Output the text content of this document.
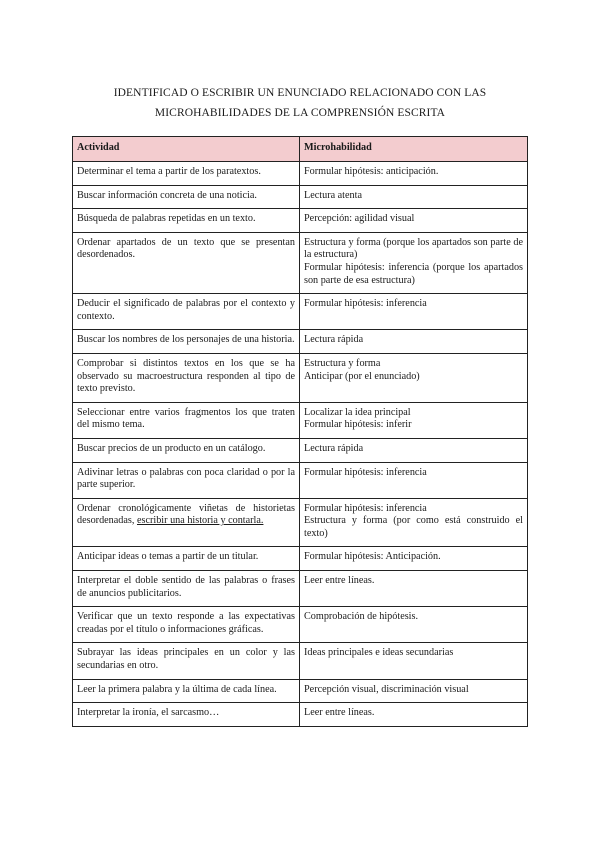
IDENTIFICAD O ESCRIBIR UN ENUNCIADO RELACIONADO CON LAS
MICROHABILIDADES DE LA COMPRENSIÓN ESCRITA
Actividad	Microhabilidad
Determinar el tema a partir de los paratextos.	Formular hipótesis: anticipación.

Buscar información concreta de una noticia.	Lectura atenta

Búsqueda de palabras repetidas en un texto.	Percepción: agilidad visual

Ordenar apartados de un texto que se presentan desordenados.	Estructura y forma (porque los apartados son parte de la estructura)
Formular hipótesis: inferencia (porque los apartados son parte de esa estructura)

Deducir el significado de palabras por el contexto y contexto.	Formular hipótesis: inferencia

Buscar los nombres de los personajes de una historia.	Lectura rápida

Comprobar si distintos textos en los que se ha observado su macroestructura responden al tipo de texto previsto.	Estructura y forma
Anticipar (por el enunciado)

Seleccionar entre varios fragmentos los que traten del mismo tema.	Localizar la idea principal
Formular hipótesis: inferir

Buscar precios de un producto en un catálogo.	Lectura rápida

Adivinar letras o palabras con poca claridad o por la parte superior.	Formular hipótesis: inferencia

Ordenar cronológicamente viñetas de historietas desordenadas, escribir una historia y contarla.	Formular hipótesis: inferencia
Estructura y forma (por como está construido el texto)

Anticipar ideas o temas a partir de un titular.	Formular hipótesis: Anticipación.

Interpretar el doble sentido de las palabras o frases de anuncios publicitarios.	Leer entre líneas.

Verificar que un texto responde a las expectativas creadas por el título o informaciones gráficas.	Comprobación de hipótesis.

Subrayar las ideas principales en un color y las secundarias en otro.	Ideas principales e ideas secundarias

Leer la primera palabra y la última de cada línea.	Percepción visual, discriminación visual

Interpretar la ironía, el sarcasmo…	Leer entre líneas.
